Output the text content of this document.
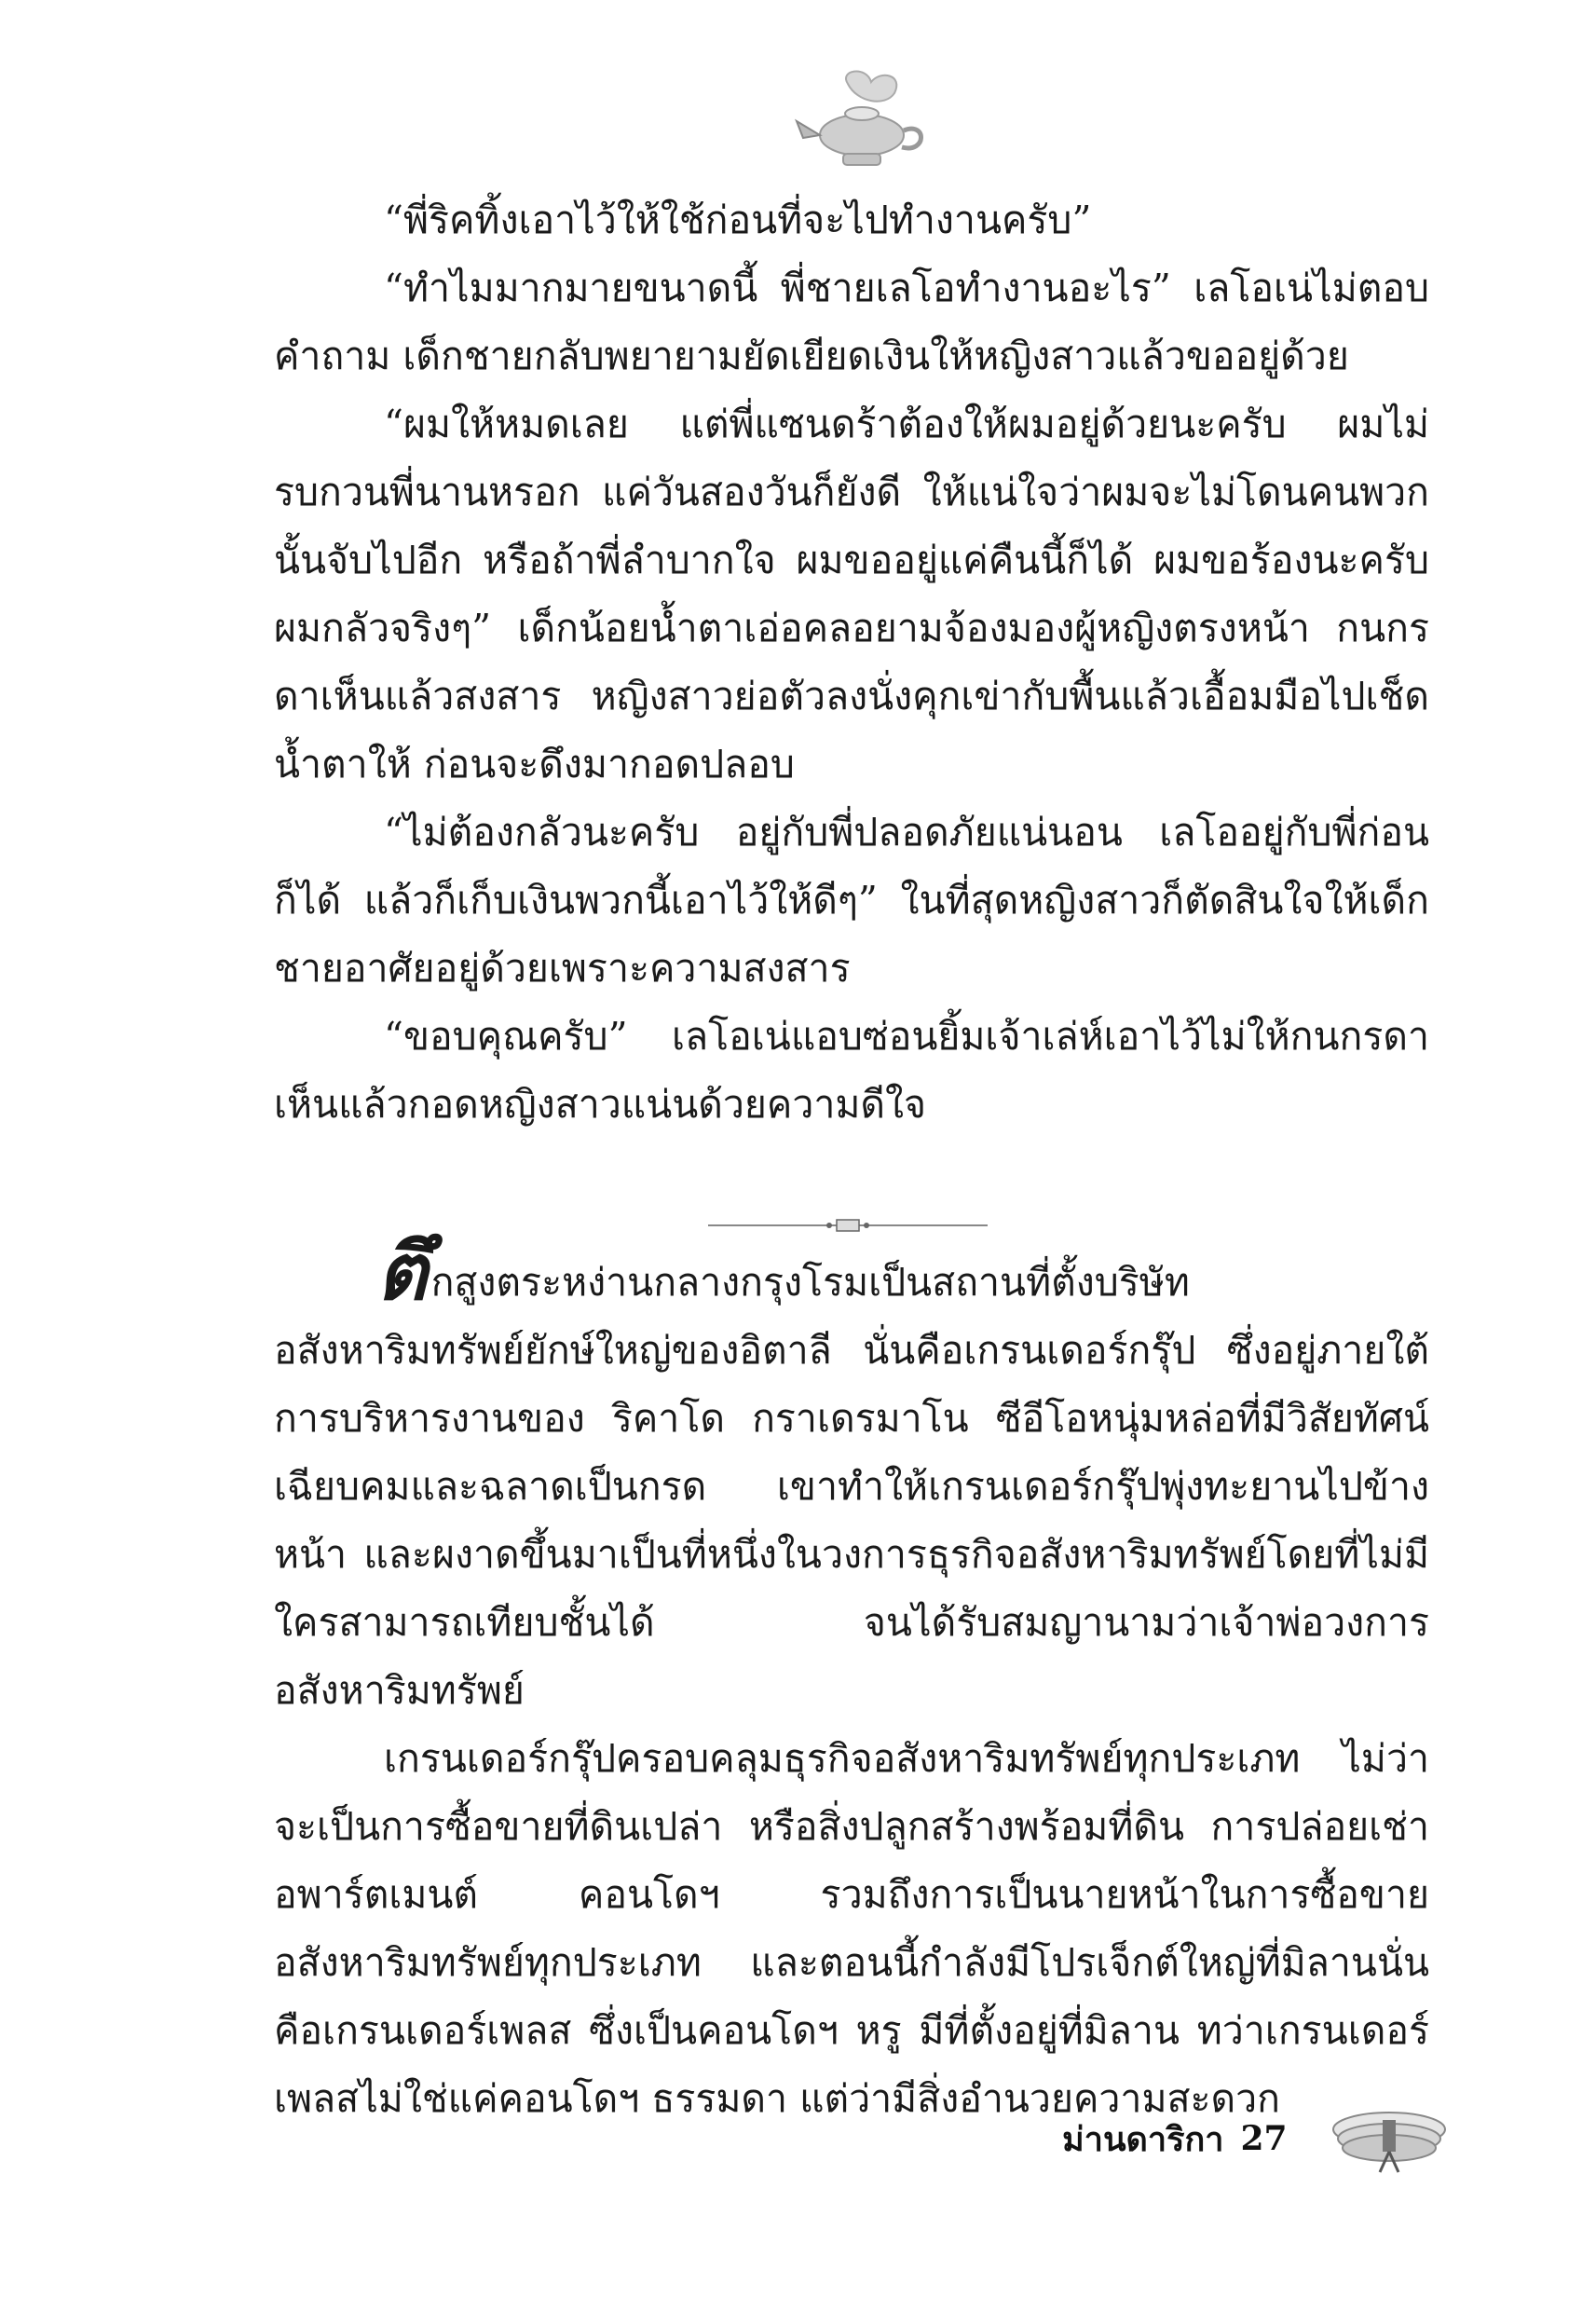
“พี่ริคทิ้งเอาไว้ให้ใช้ก่อนที่จะไปทำงานครับ”

“ทำไมมากมายขนาดนี้ พี่ชายเลโอทำงานอะไร” เลโอเน่ไม่ตอบคำถาม เด็กชายกลับพยายามยัดเยียดเงินให้หญิงสาวแล้วขออยู่ด้วย

“ผมให้หมดเลย แต่พี่แซนดร้าต้องให้ผมอยู่ด้วยนะครับ ผมไม่รบกวนพี่นานหรอก แค่วันสองวันก็ยังดี ให้แน่ใจว่าผมจะไม่โดนคนพวกนั้นจับไปอีก หรือถ้าพี่ลำบากใจ ผมขออยู่แค่คืนนี้ก็ได้ ผมขอร้องนะครับ ผมกลัวจริงๆ” เด็กน้อยน้ำตาเอ่อคลอยามจ้องมองผู้หญิงตรงหน้า กนกรดาเห็นแล้วสงสาร หญิงสาวย่อตัวลงนั่งคุกเข่ากับพื้นแล้วเอื้อมมือไปเช็ดน้ำตาให้ ก่อนจะดึงมากอดปลอบ

“ไม่ต้องกลัวนะครับ อยู่กับพี่ปลอดภัยแน่นอน เลโออยู่กับพี่ก่อนก็ได้ แล้วก็เก็บเงินพวกนี้เอาไว้ให้ดีๆ” ในที่สุดหญิงสาวก็ตัดสินใจให้เด็กชายอาศัยอยู่ด้วยเพราะความสงสาร

“ขอบคุณครับ” เลโอเน่แอบซ่อนยิ้มเจ้าเล่ห์เอาไว้ไม่ให้กนกรดาเห็นแล้วกอดหญิงสาวแน่นด้วยความดีใจ

ตึกสูงตระหง่านกลางกรุงโรมเป็นสถานที่ตั้งบริษัทอสังหาริมทรัพย์ยักษ์ใหญ่ของอิตาลี นั่นคือเกรนเดอร์กรุ๊ป ซึ่งอยู่ภายใต้การบริหารงานของ ริคาโด กราเดรมาโน ซีอีโอหนุ่มหล่อที่มีวิสัยทัศน์เฉียบคมและฉลาดเป็นกรด เขาทำให้เกรนเดอร์กรุ๊ปพุ่งทะยานไปข้างหน้า และผงาดขึ้นมาเป็นที่หนึ่งในวงการธุรกิจอสังหาริมทรัพย์โดยที่ไม่มีใครสามารถเทียบชั้นได้ จนได้รับสมญานามว่าเจ้าพ่อวงการอสังหาริมทรัพย์

เกรนเดอร์กรุ๊ปครอบคลุมธุรกิจอสังหาริมทรัพย์ทุกประเภท ไม่ว่าจะเป็นการซื้อขายที่ดินเปล่า หรือสิ่งปลูกสร้างพร้อมที่ดิน การปล่อยเช่าอพาร์ตเมนต์ คอนโดฯ รวมถึงการเป็นนายหน้าในการซื้อขายอสังหาริมทรัพย์ทุกประเภท และตอนนี้กำลังมีโปรเจ็กต์ใหญ่ที่มิลานนั่นคือเกรนเดอร์เพลส ซึ่งเป็นคอนโดฯ หรู มีที่ตั้งอยู่ที่มิลาน ทว่าเกรนเดอร์เพลสไม่ใช่แค่คอนโดฯ ธรรมดา แต่ว่ามีสิ่งอำนวยความสะดวก

ม่านดาริกา 27
